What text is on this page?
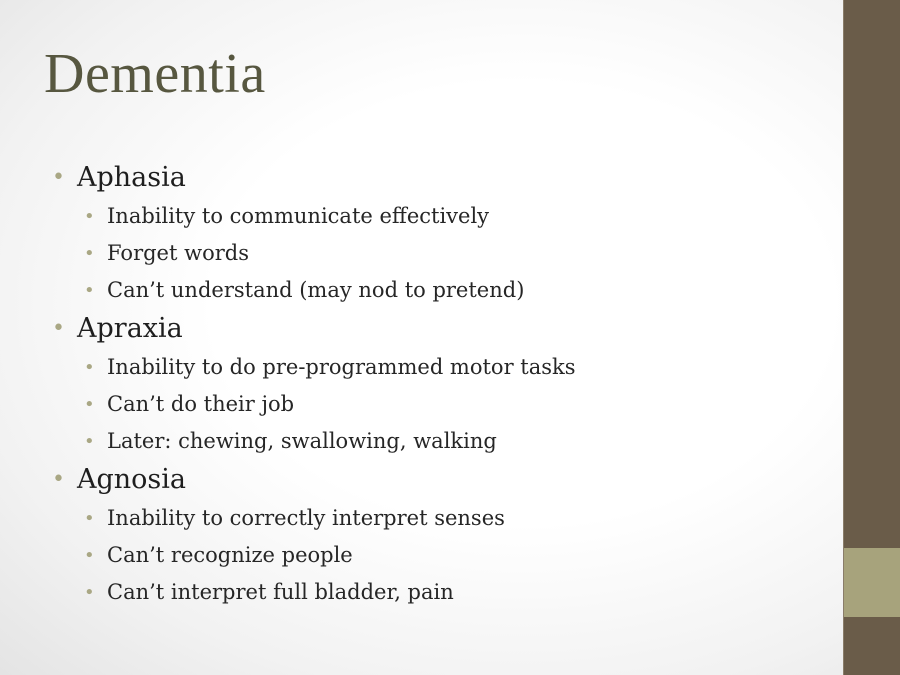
Dementia
• Aphasia
• Inability to communicate effectively
• Forget words
• Can’t understand (may nod to pretend)
• Apraxia
• Inability to do pre-programmed motor tasks
• Can’t do their job
• Later: chewing, swallowing, walking
• Agnosia
• Inability to correctly interpret senses
• Can’t recognize people
• Can’t interpret full bladder, pain
